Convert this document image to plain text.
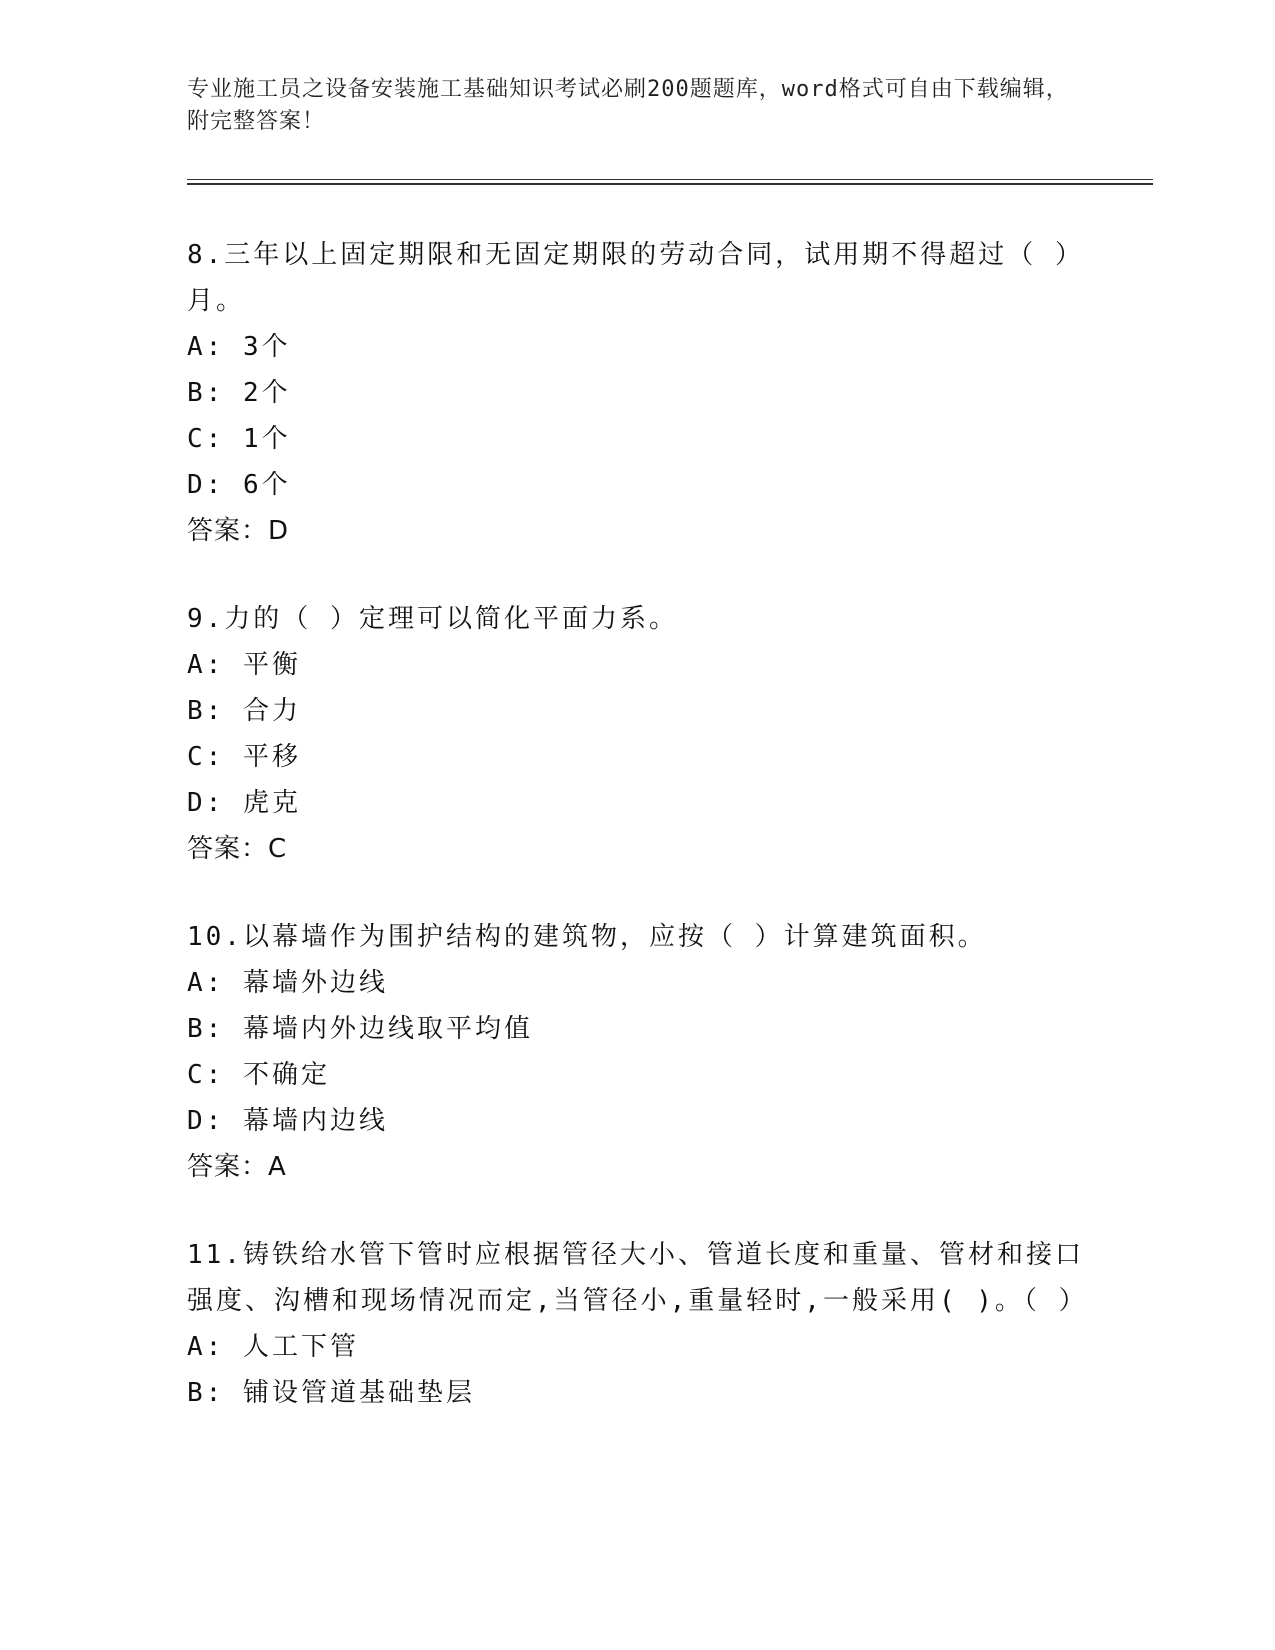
专业施工员之设备安装施工基础知识考试必刷200题题库，word格式可自由下载编辑，附完整答案！

8.三年以上固定期限和无固定期限的劳动合同，试用期不得超过（ ）月。

A: 3个

B: 2个

C: 1个

D: 6个

答案：D

9.力的（ ）定理可以简化平面力系。

A: 平衡

B: 合力

C: 平移

D: 虎克

答案：C

10.以幕墙作为围护结构的建筑物，应按（ ）计算建筑面积。

A: 幕墙外边线

B: 幕墙内外边线取平均值

C: 不确定

D: 幕墙内边线

答案：A

11.铸铁给水管下管时应根据管径大小、管道长度和重量、管材和接口强度、沟槽和现场情况而定,当管径小,重量轻时,一般采用( )。（ ）

A: 人工下管

B: 铺设管道基础垫层
